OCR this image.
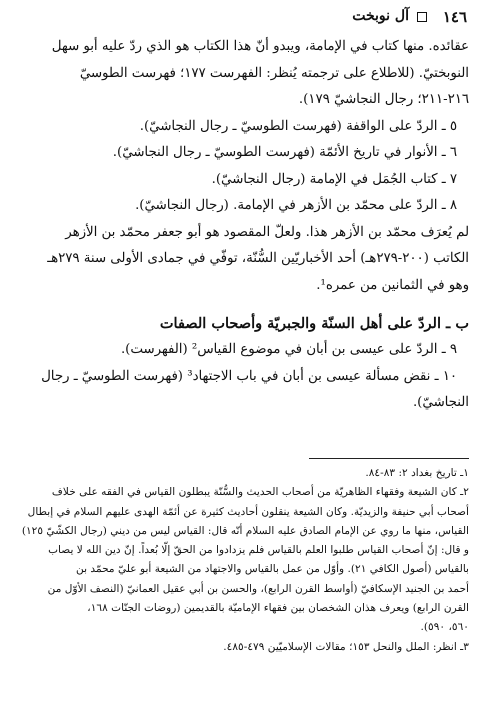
١٤٦
آل نوبخت
عقائده. منها كتاب في الإمامة، ويبدو أنّ هذا الكتاب هو الذي ردّ عليه أبو سهل
النوبختيّ. (للاطلاع على ترجمته يُنظر: الفهرست ١٧٧؛ فهرست الطوسيّ
٢١٦-٢١١؛ رجال النجاشيّ ١٧٩).
٥ ـ الردّ على الواقفة (فهرست الطوسيّ ـ رجال النجاشيّ).
٦ ـ الأنوار في تاريخ الأئمّة (فهرست الطوسيّ ـ رجال النجاشيّ).
٧ ـ كتاب الجُمَل في الإمامة (رجال النجاشيّ).
٨ ـ الردّ على محمّد بن الأزهر في الإمامة. (رجال النجاشيّ).
لم يُعرَف محمّد بن الأزهر هذا. ولعلّ المقصود هو أبو جعفر محمّد بن الأزهر
الكاتب (٢٠٠-٢٧٩هـ) أحد الأخباريّين السُّنّة، توفّي في جمادى الأولى سنة ٢٧٩هـ
وهو في الثمانين من عمره¹.
ب ـ الردّ على أهل السنّة والجبريّة وأصحاب الصفات
٩ ـ الردّ على عيسى بن أبان في موضوع القياس² (الفهرست).
١٠ ـ نقض مسألة عيسى بن أبان في باب الاجتهاد³ (فهرست الطوسيّ ـ رجال
النجاشيّ).
١ـ تاريخ بغداد ٢: ٨٣-٨٤.
٢ـ كان الشيعة وفقهاء الظاهريّة من أصحاب الحديث والسُّنّة يبطلون القياس في الفقه على خلاف
أصحاب أبي حنيفة والزيديّة. وكان الشيعة ينقلون أحاديث كثيرة عن أئمّة الهدى عليهم السلام في إبطال
القياس، منها ما روي عن الإمام الصادق عليه السلام أنّه قال: القياس ليس من ديني (رجال الكشّيّ ١٢٥)
و قال: إنّ أصحاب القياس طلبوا العلم بالقياس فلم يزدادوا من الحقّ إلّا بُعداً. إنّ دين الله لا يصاب
بالقياس (أصول الكافي ٢١). وأوّل من عمل بالقياس والاجتهاد من الشيعة أبو عليّ محمّد بن
أحمد بن الجنيد الإسكافيّ (أواسط القرن الرابع)، والحسن بن أبي عقيل العمانيّ (النصف الأوّل من
القرن الرابع) ويعرف هذان الشخصان بين فقهاء الإماميّة بالقديمين (روضات الجنّات ١٦٨،
٥٦٠، ٥٩٠).
٣ـ انظر: الملل والنحل ١٥٣؛ مقالات الإسلاميّين ٤٧٩-٤٨٥.
